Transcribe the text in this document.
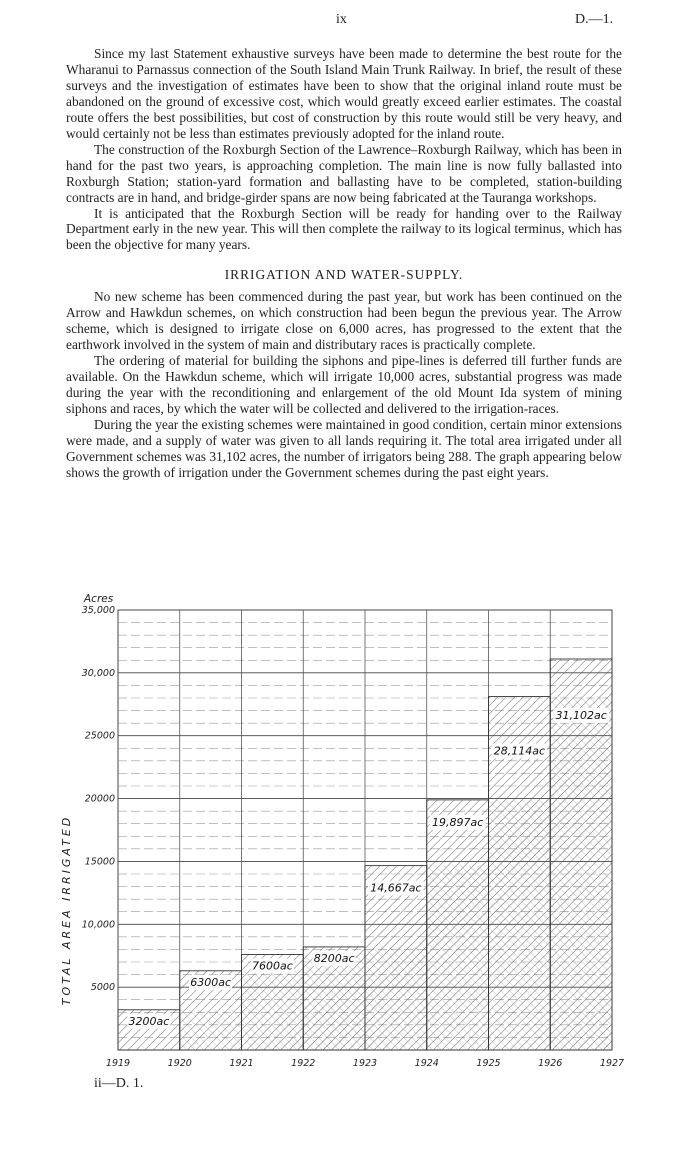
ix	D.—1.

Since my last Statement exhaustive surveys have been made to determine the best route for the Wharanui to Parnassus connection of the South Island Main Trunk Railway. In brief, the result of these surveys and the investigation of estimates have been to show that the original inland route must be abandoned on the ground of excessive cost, which would greatly exceed earlier estimates. The coastal route offers the best possibilities, but cost of construction by this route would still be very heavy, and would certainly not be less than estimates previously adopted for the inland route.

The construction of the Roxburgh Section of the Lawrence–Roxburgh Railway, which has been in hand for the past two years, is approaching completion. The main line is now fully ballasted into Roxburgh Station; station-yard formation and ballasting have to be completed, station-building contracts are in hand, and bridge-girder spans are now being fabricated at the Tauranga workshops.

It is anticipated that the Roxburgh Section will be ready for handing over to the Railway Department early in the new year. This will then complete the railway to its logical terminus, which has been the objective for many years.

IRRIGATION AND WATER-SUPPLY.

No new scheme has been commenced during the past year, but work has been continued on the Arrow and Hawkdun schemes, on which construction had been begun the previous year. The Arrow scheme, which is designed to irrigate close on 6,000 acres, has progressed to the extent that the earthwork involved in the system of main and distributary races is practically complete.

The ordering of material for building the siphons and pipe-lines is deferred till further funds are available. On the Hawkdun scheme, which will irrigate 10,000 acres, substantial progress was made during the year with the reconditioning and enlargement of the old Mount Ida system of mining siphons and races, by which the water will be collected and delivered to the irrigation-races.

During the year the existing schemes were maintained in good condition, certain minor extensions were made, and a supply of water was given to all lands requiring it. The total area irrigated under all Government schemes was 31,102 acres, the number of irrigators being 288. The graph appearing below shows the growth of irrigation under the Government schemes during the past eight years.

35,000
30,000
25000
20000
15000
10,000
5000
1919	1920	1921	1922	1923	1924	1925	1926	1927
Acres
TOTAL AREA IRRIGATED
3200ac
6300ac
7600ac
8200ac
14,667ac
19,897ac
28,114ac
31,102ac
ii—D. 1.
